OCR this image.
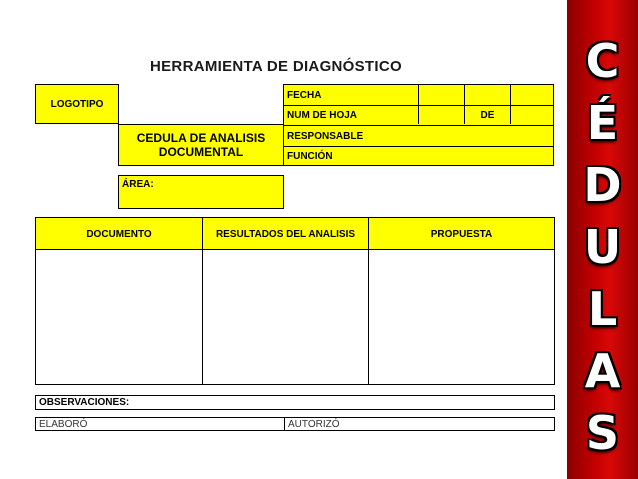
HERRAMIENTA DE DIAGNÓSTICO
LOGOTIPO
CEDULA DE ANALISIS
DOCUMENTAL
FECHA
NUM DE HOJA	DE
RESPONSABLE
FUNCIÓN
ÁREA:
DOCUMENTO	RESULTADOS DEL ANALISIS	PROPUESTA
OBSERVACIONES:
ELABORÓ	AUTORIZÓ
C
É
D
U
L
A
S
